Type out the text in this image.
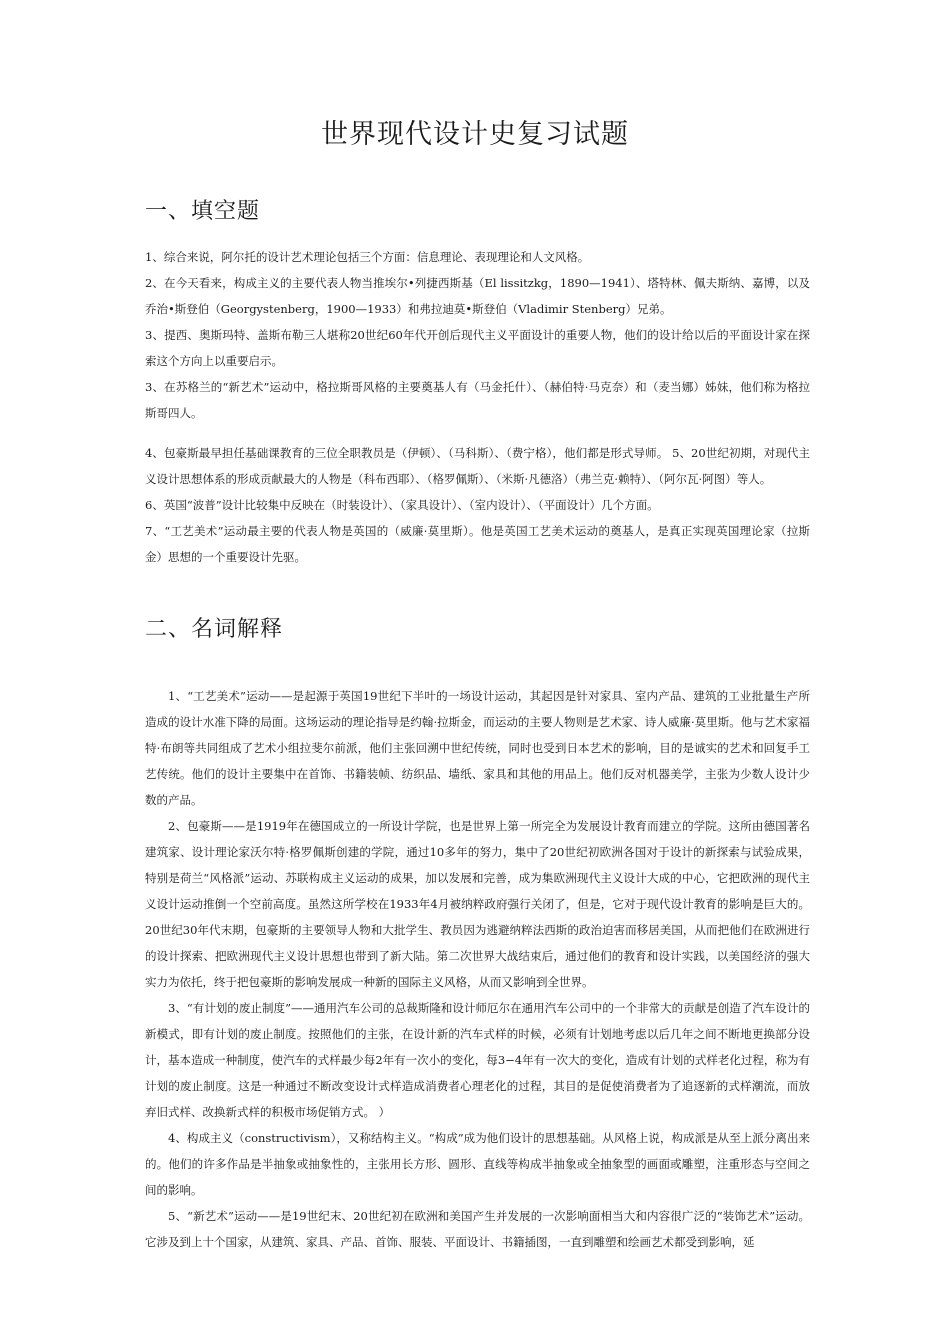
世界现代设计史复习试题
一、填空题

1、综合来说，阿尔托的设计艺术理论包括三个方面：信息理论、表现理论和人文风格。

2、在今天看来，构成主义的主要代表人物当推埃尔•列捷西斯基（El lissitzkg，1890—1941）、塔特林、佩夫斯纳、嘉博，以及乔治•斯登伯（Georgystenberg，1900—1933）和弗拉迪莫•斯登伯（Vladimir Stenberg）兄弟。

3、提西、奥斯玛特、盖斯布勒三人堪称20世纪60年代开创后现代主义平面设计的重要人物，他们的设计给以后的平面设计家在探索这个方向上以重要启示。

3、在苏格兰的“新艺术”运动中，格拉斯哥风格的主要奠基人有（马金托什）、（赫伯特·马克奈）和（麦当娜）姊妹，他们称为格拉斯哥四人。

4、包豪斯最早担任基础课教育的三位全职教员是（伊顿）、（马科斯）、（费宁格），他们都是形式导师。 5、20世纪初期，对现代主义设计思想体系的形成贡献最大的人物是（科布西耶）、（格罗佩斯）、（米斯·凡德洛）（弗兰克·赖特）、（阿尔瓦·阿图）等人。

6、英国“波普”设计比较集中反映在（时装设计）、（家具设计）、（室内设计）、（平面设计）几个方面。

7、“工艺美术”运动最主要的代表人物是英国的（威廉·莫里斯）。他是英国工艺美术运动的奠基人，是真正实现英国理论家（拉斯金）思想的一个重要设计先驱。

二、名词解释

1、“工艺美术”运动——是起源于英国19世纪下半叶的一场设计运动，其起因是针对家具、室内产品、建筑的工业批量生产所造成的设计水准下降的局面。这场运动的理论指导是约翰·拉斯金，而运动的主要人物则是艺术家、诗人威廉·莫里斯。他与艺术家福特·布朗等共同组成了艺术小组拉斐尔前派，他们主张回溯中世纪传统，同时也受到日本艺术的影响，目的是诚实的艺术和回复手工艺传统。他们的设计主要集中在首饰、书籍装帧、纺织品、墙纸、家具和其他的用品上。他们反对机器美学，主张为少数人设计少数的产品。

2、包豪斯——是1919年在德国成立的一所设计学院，也是世界上第一所完全为发展设计教育而建立的学院。这所由德国著名建筑家、设计理论家沃尔特·格罗佩斯创建的学院，通过10多年的努力，集中了20世纪初欧洲各国对于设计的新探索与试验成果，特别是荷兰“风格派”运动、苏联构成主义运动的成果，加以发展和完善，成为集欧洲现代主义设计大成的中心，它把欧洲的现代主义设计运动推倒一个空前高度。虽然这所学校在1933年4月被纳粹政府强行关闭了，但是，它对于现代设计教育的影响是巨大的。20世纪30年代末期，包豪斯的主要领导人物和大批学生、教员因为逃避纳粹法西斯的政治迫害而移居美国，从而把他们在欧洲进行的设计探索、把欧洲现代主义设计思想也带到了新大陆。第二次世界大战结束后，通过他们的教育和设计实践，以美国经济的强大实力为依托，终于把包豪斯的影响发展成一种新的国际主义风格，从而又影响到全世界。

3、“有计划的废止制度”——通用汽车公司的总裁斯隆和设计师厄尔在通用汽车公司中的一个非常大的贡献是创造了汽车设计的新模式，即有计划的废止制度。按照他们的主张，在设计新的汽车式样的时候，必须有计划地考虑以后几年之间不断地更换部分设计，基本造成一种制度，使汽车的式样最少每2年有一次小的变化，每3−4年有一次大的变化，造成有计划的式样老化过程，称为有计划的废止制度。这是一种通过不断改变设计式样造成消费者心理老化的过程，其目的是促使消费者为了追逐新的式样潮流，而放弃旧式样、改换新式样的积极市场促销方式。 ）

4、构成主义（constructivism），又称结构主义。“构成”成为他们设计的思想基础。从风格上说，构成派是从至上派分离出来的。他们的许多作品是半抽象或抽象性的，主张用长方形、圆形、直线等构成半抽象或全抽象型的画面或雕塑，注重形态与空间之间的影响。

5、“新艺术”运动——是19世纪末、20世纪初在欧洲和美国产生并发展的一次影响面相当大和内容很广泛的“装饰艺术”运动。它涉及到上十个国家，从建筑、家具、产品、首饰、服装、平面设计、书籍插图，一直到雕塑和绘画艺术都受到影响，延
